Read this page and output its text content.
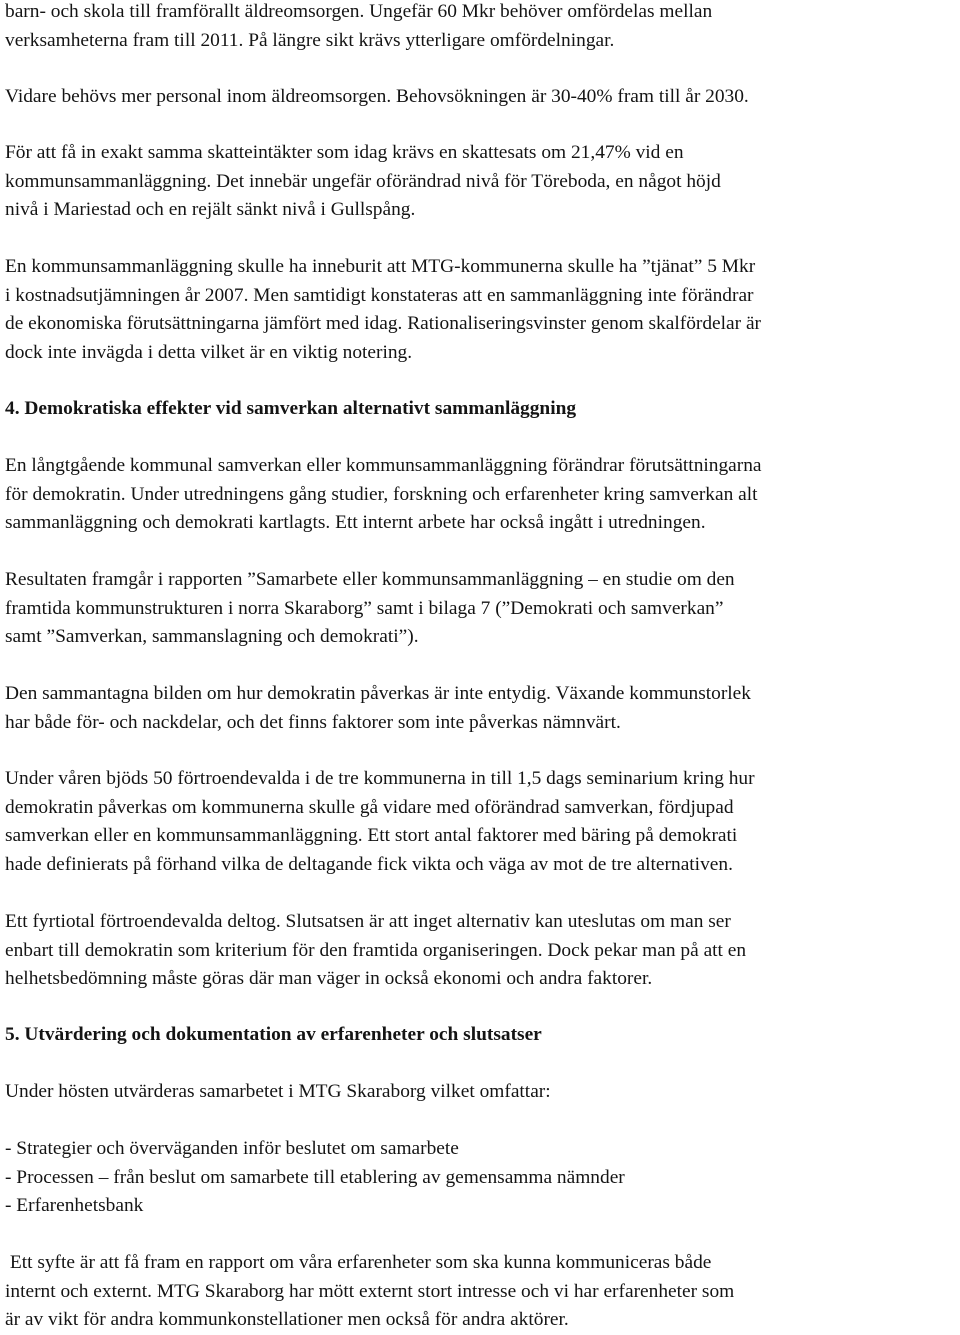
barn- och skola till framförallt äldreomsorgen. Ungefär 60 Mkr behöver omfördelas mellan
verksamheterna fram till 2011. På längre sikt krävs ytterligare omfördelningar.

Vidare behövs mer personal inom äldreomsorgen. Behovsökningen är 30-40% fram till år 2030.

För att få in exakt samma skatteintäkter som idag krävs en skattesats om 21,47% vid en
kommunsammanläggning. Det innebär ungefär oförändrad nivå för Töreboda, en något höjd
nivå i Mariestad och en rejält sänkt nivå i Gullspång.

En kommunsammanläggning skulle ha inneburit att MTG-kommunerna skulle ha ”tjänat” 5 Mkr
i kostnadsutjämningen år 2007. Men samtidigt konstateras att en sammanläggning inte förändrar
de ekonomiska förutsättningarna jämfört med idag. Rationaliseringsvinster genom skalfördelar är
dock inte invägda i detta vilket är en viktig notering.

4. Demokratiska effekter vid samverkan alternativt sammanläggning

En långtgående kommunal samverkan eller kommunsammanläggning förändrar förutsättningarna
för demokratin. Under utredningens gång studier, forskning och erfarenheter kring samverkan alt
sammanläggning och demokrati kartlagts. Ett internt arbete har också ingått i utredningen.

Resultaten framgår i rapporten ”Samarbete eller kommunsammanläggning – en studie om den
framtida kommunstrukturen i norra Skaraborg” samt i bilaga 7 (”Demokrati och samverkan”
samt ”Samverkan, sammanslagning och demokrati”).

Den sammantagna bilden om hur demokratin påverkas är inte entydig. Växande kommunstorlek
har både för- och nackdelar, och det finns faktorer som inte påverkas nämnvärt.

Under våren bjöds 50 förtroendevalda i de tre kommunerna in till 1,5 dags seminarium kring hur
demokratin påverkas om kommunerna skulle gå vidare med oförändrad samverkan, fördjupad
samverkan eller en kommunsammanläggning. Ett stort antal faktorer med bäring på demokrati
hade definierats på förhand vilka de deltagande fick vikta och väga av mot de tre alternativen.

Ett fyrtiotal förtroendevalda deltog. Slutsatsen är att inget alternativ kan uteslutas om man ser
enbart till demokratin som kriterium för den framtida organiseringen. Dock pekar man på att en
helhetsbedömning måste göras där man väger in också ekonomi och andra faktorer.

5. Utvärdering och dokumentation av erfarenheter och slutsatser

Under hösten utvärderas samarbetet i MTG Skaraborg vilket omfattar:

- Strategier och överväganden inför beslutet om samarbete
- Processen – från beslut om samarbete till etablering av gemensamma nämnder
- Erfarenhetsbank

Ett syfte är att få fram en rapport om våra erfarenheter som ska kunna kommuniceras både
internt och externt. MTG Skaraborg har mött externt stort intresse och vi har erfarenheter som
är av vikt för andra kommunkonstellationer men också för andra aktörer.
